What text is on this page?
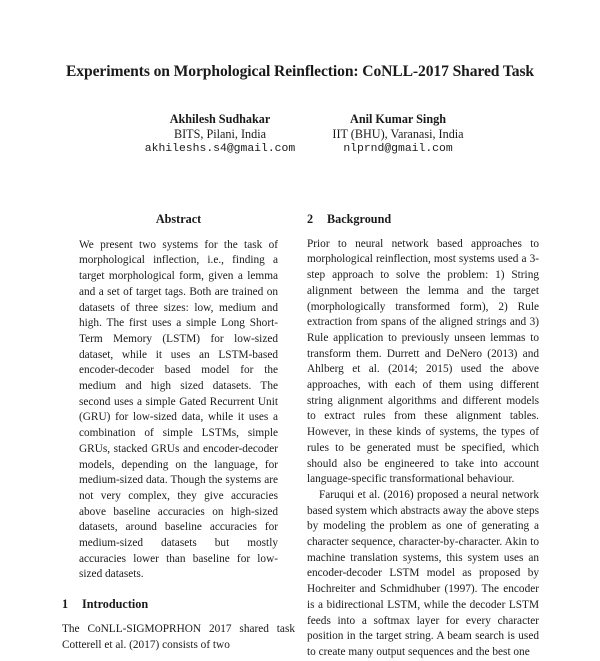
Experiments on Morphological Reinflection: CoNLL-2017 Shared Task
Akhilesh Sudhakar
BITS, Pilani, India
akhileshs.s4@gmail.com
Anil Kumar Singh
IIT (BHU), Varanasi, India
nlprnd@gmail.com
Abstract

We present two systems for the task of morphological inflection, i.e., finding a target morphological form, given a lemma and a set of target tags. Both are trained on datasets of three sizes: low, medium and high. The first uses a simple Long Short-Term Memory (LSTM) for low-sized dataset, while it uses an LSTM-based encoder-decoder based model for the medium and high sized datasets. The second uses a simple Gated Recurrent Unit (GRU) for low-sized data, while it uses a combination of simple LSTMs, simple GRUs, stacked GRUs and encoder-decoder models, depending on the language, for medium-sized data. Though the systems are not very complex, they give accuracies above baseline accuracies on high-sized datasets, around baseline accuracies for medium-sized datasets but mostly accuracies lower than baseline for low-sized datasets.

1 Introduction

The CoNLL-SIGMOPRHON 2017 shared task Cotterell et al. (2017) consists of two

2 Background

Prior to neural network based approaches to morphological reinflection, most systems used a 3-step approach to solve the problem: 1) String alignment between the lemma and the target (morphologically transformed form), 2) Rule extraction from spans of the aligned strings and 3) Rule application to previously unseen lemmas to transform them. Durrett and DeNero (2013) and Ahlberg et al. (2014; 2015) used the above approaches, with each of them using different string alignment algorithms and different models to extract rules from these alignment tables. However, in these kinds of systems, the types of rules to be generated must be specified, which should also be engineered to take into account language-specific transformational behaviour.

Faruqui et al. (2016) proposed a neural network based system which abstracts away the above steps by modeling the problem as one of generating a character sequence, character-by-character. Akin to machine translation systems, this system uses an encoder-decoder LSTM model as proposed by Hochreiter and Schmidhuber (1997). The encoder is a bidirectional LSTM, while the decoder LSTM feeds into a softmax layer for every character position in the target string. A beam search is used to create many output sequences and the best one
